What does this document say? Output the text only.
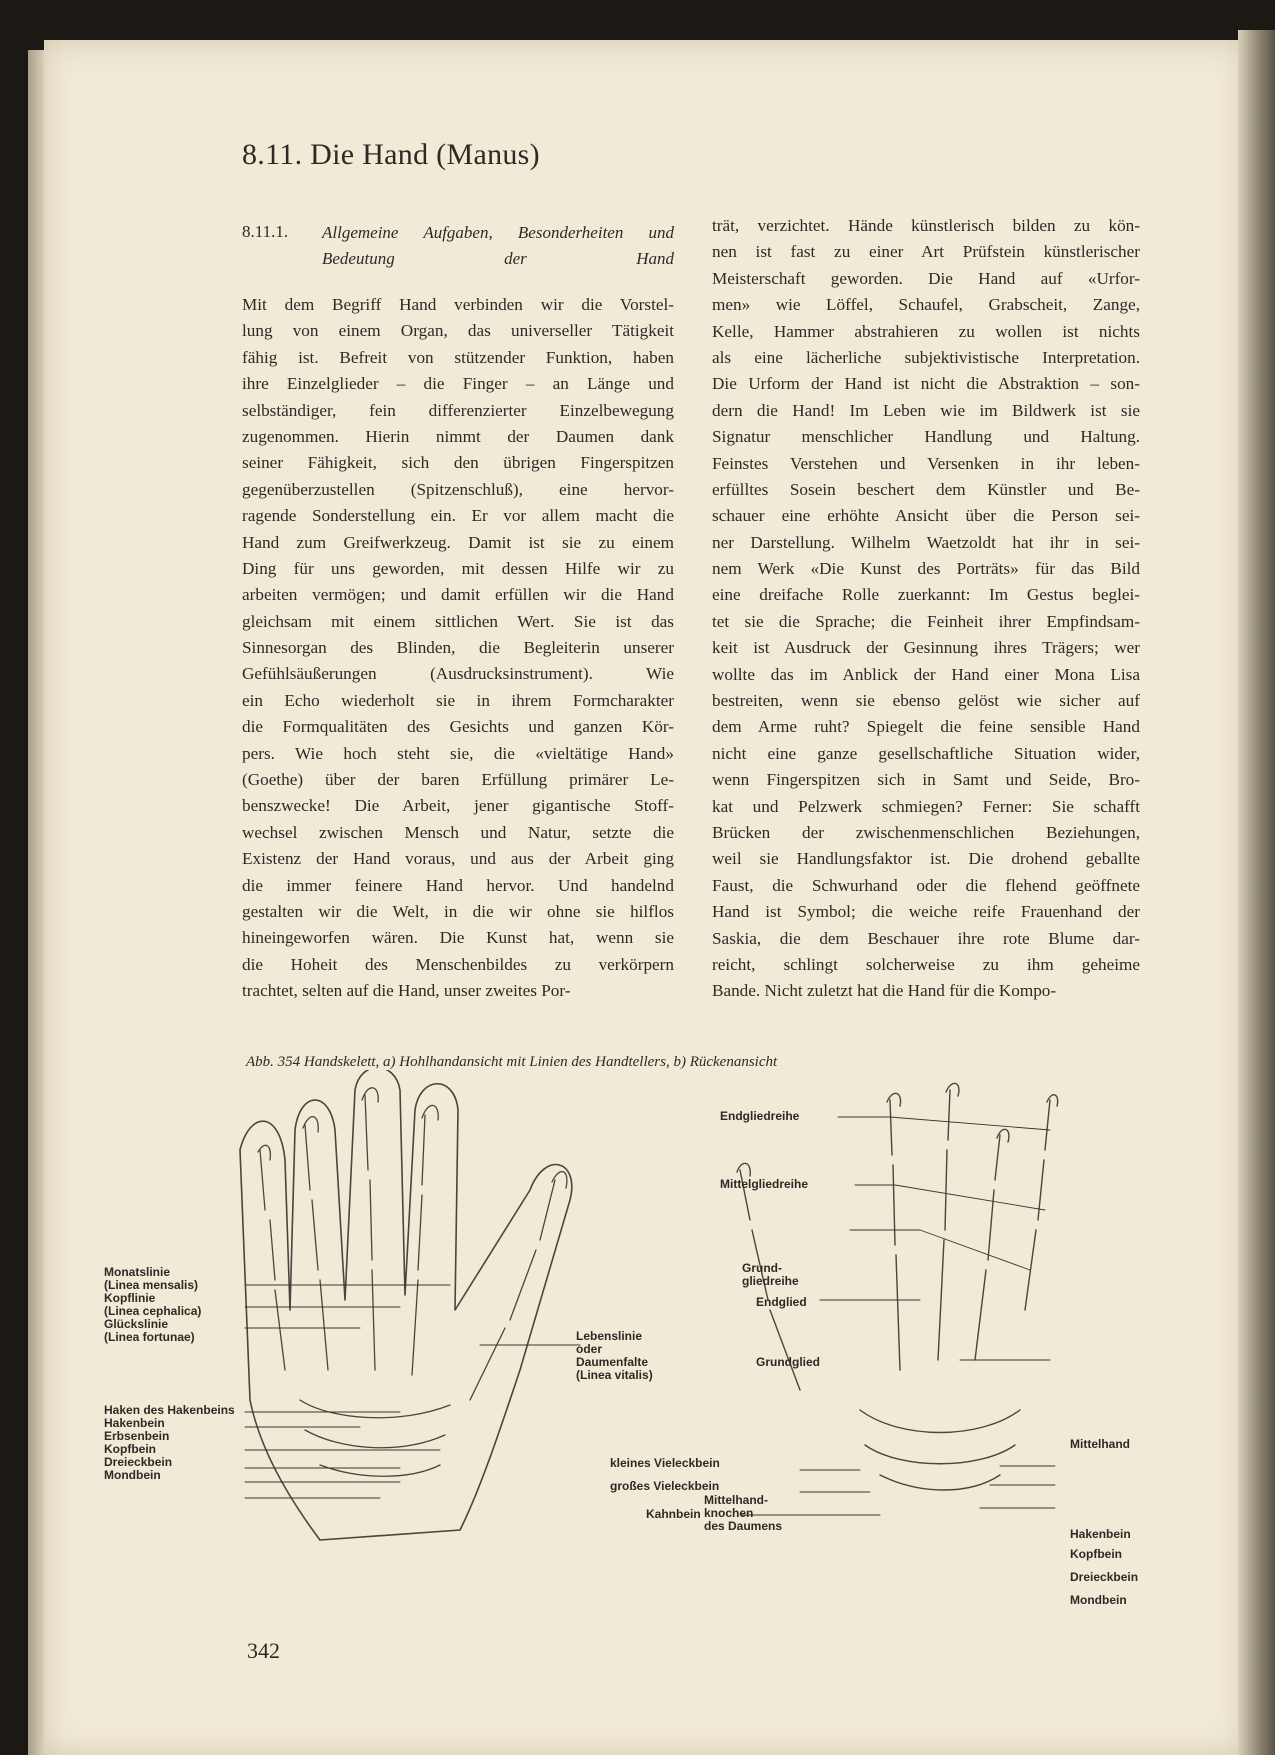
8.11. Die Hand (Manus)
8.11.1. Allgemeine Aufgaben, Besonderheiten und
Bedeutung der Hand
Mit dem Begriff Hand verbinden wir die Vorstel-
lung von einem Organ, das universeller Tätigkeit
fähig ist. Befreit von stützender Funktion, haben
ihre Einzelglieder – die Finger – an Länge und
selbständiger, fein differenzierter Einzelbewegung
zugenommen. Hierin nimmt der Daumen dank
seiner Fähigkeit, sich den übrigen Fingerspitzen
gegenüberzustellen (Spitzenschluß), eine hervor-
ragende Sonderstellung ein. Er vor allem macht die
Hand zum Greifwerkzeug. Damit ist sie zu einem
Ding für uns geworden, mit dessen Hilfe wir zu
arbeiten vermögen; und damit erfüllen wir die Hand
gleichsam mit einem sittlichen Wert. Sie ist das
Sinnesorgan des Blinden, die Begleiterin unserer
Gefühlsäußerungen (Ausdrucksinstrument). Wie
ein Echo wiederholt sie in ihrem Formcharakter
die Formqualitäten des Gesichts und ganzen Kör-
pers. Wie hoch steht sie, die «vieltätige Hand»
(Goethe) über der baren Erfüllung primärer Le-
benszwecke! Die Arbeit, jener gigantische Stoff-
wechsel zwischen Mensch und Natur, setzte die
Existenz der Hand voraus, und aus der Arbeit ging
die immer feinere Hand hervor. Und handelnd
gestalten wir die Welt, in die wir ohne sie hilflos
hineingeworfen wären. Die Kunst hat, wenn sie
die Hoheit des Menschenbildes zu verkörpern
trachtet, selten auf die Hand, unser zweites Por-
trät, verzichtet. Hände künstlerisch bilden zu kön-
nen ist fast zu einer Art Prüfstein künstlerischer
Meisterschaft geworden. Die Hand auf «Urfor-
men» wie Löffel, Schaufel, Grabscheit, Zange,
Kelle, Hammer abstrahieren zu wollen ist nichts
als eine lächerliche subjektivistische Interpretation.
Die Urform der Hand ist nicht die Abstraktion – son-
dern die Hand! Im Leben wie im Bildwerk ist sie
Signatur menschlicher Handlung und Haltung.
Feinstes Verstehen und Versenken in ihr leben-
erfülltes Sosein beschert dem Künstler und Be-
schauer eine erhöhte Ansicht über die Person sei-
ner Darstellung. Wilhelm Waetzoldt hat ihr in sei-
nem Werk «Die Kunst des Porträts» für das Bild
eine dreifache Rolle zuerkannt: Im Gestus beglei-
tet sie die Sprache; die Feinheit ihrer Empfindsam-
keit ist Ausdruck der Gesinnung ihres Trägers; wer
wollte das im Anblick der Hand einer Mona Lisa
bestreiten, wenn sie ebenso gelöst wie sicher auf
dem Arme ruht? Spiegelt die feine sensible Hand
nicht eine ganze gesellschaftliche Situation wider,
wenn Fingerspitzen sich in Samt und Seide, Bro-
kat und Pelzwerk schmiegen? Ferner: Sie schafft
Brücken der zwischenmenschlichen Beziehungen,
weil sie Handlungsfaktor ist. Die drohend geballte
Faust, die Schwurhand oder die flehend geöffnete
Hand ist Symbol; die weiche reife Frauenhand der
Saskia, die dem Beschauer ihre rote Blume dar-
reicht, schlingt solcherweise zu ihm geheime
Bande. Nicht zuletzt hat die Hand für die Kompo-
Abb. 354 Handskelett, a) Hohlhandansicht mit Linien des Handtellers, b) Rückenansicht
Monatslinie
(Linea mensalis)
Kopflinie
(Linea cephalica)
Glückslinie
(Linea fortunae)
Haken des Hakenbeins
Hakenbein
Erbsenbein
Kopfbein
Dreieckbein
Mondbein
Lebenslinie
oder
Daumenfalte
(Linea vitalis)
kleines Vieleckbein
großes Vieleckbein
Kahnbein
Endgliedreihe
Mittelgliedreihe
Grund-
gliedreihe
Endglied
Grundglied
Mittelhand
Mittelhand-
knochen
des Daumens
Hakenbein
Kopfbein
Dreieckbein
Mondbein
342
